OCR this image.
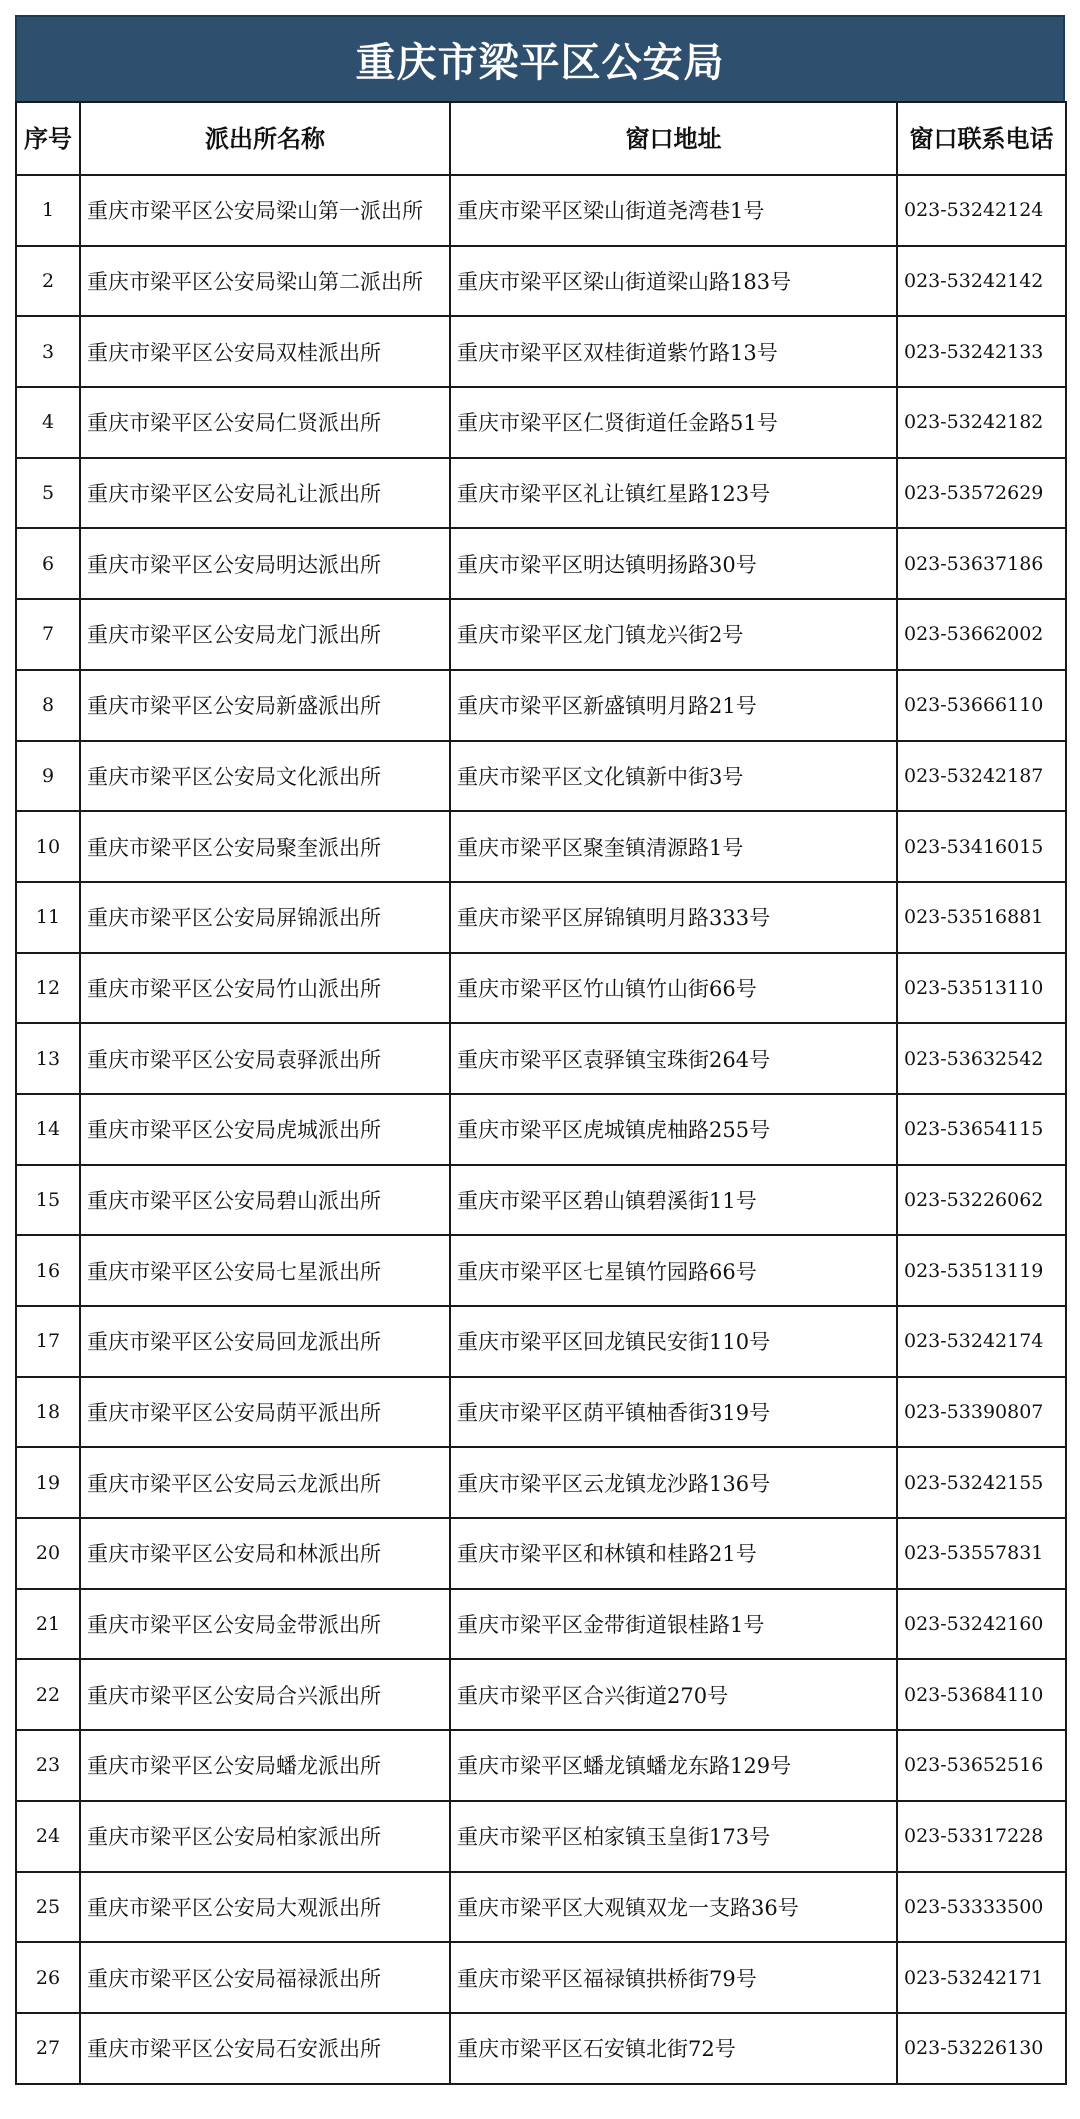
重庆市梁平区公安局
序号	派出所名称	窗口地址	窗口联系电话
1	重庆市梁平区公安局梁山第一派出所	重庆市梁平区梁山街道尧湾巷1号	023-53242124
2	重庆市梁平区公安局梁山第二派出所	重庆市梁平区梁山街道梁山路183号	023-53242142
3	重庆市梁平区公安局双桂派出所	重庆市梁平区双桂街道紫竹路13号	023-53242133
4	重庆市梁平区公安局仁贤派出所	重庆市梁平区仁贤街道任金路51号	023-53242182
5	重庆市梁平区公安局礼让派出所	重庆市梁平区礼让镇红星路123号	023-53572629
6	重庆市梁平区公安局明达派出所	重庆市梁平区明达镇明扬路30号	023-53637186
7	重庆市梁平区公安局龙门派出所	重庆市梁平区龙门镇龙兴街2号	023-53662002
8	重庆市梁平区公安局新盛派出所	重庆市梁平区新盛镇明月路21号	023-53666110
9	重庆市梁平区公安局文化派出所	重庆市梁平区文化镇新中街3号	023-53242187
10	重庆市梁平区公安局聚奎派出所	重庆市梁平区聚奎镇清源路1号	023-53416015
11	重庆市梁平区公安局屏锦派出所	重庆市梁平区屏锦镇明月路333号	023-53516881
12	重庆市梁平区公安局竹山派出所	重庆市梁平区竹山镇竹山街66号	023-53513110
13	重庆市梁平区公安局袁驿派出所	重庆市梁平区袁驿镇宝珠街264号	023-53632542
14	重庆市梁平区公安局虎城派出所	重庆市梁平区虎城镇虎柚路255号	023-53654115
15	重庆市梁平区公安局碧山派出所	重庆市梁平区碧山镇碧溪街11号	023-53226062
16	重庆市梁平区公安局七星派出所	重庆市梁平区七星镇竹园路66号	023-53513119
17	重庆市梁平区公安局回龙派出所	重庆市梁平区回龙镇民安街110号	023-53242174
18	重庆市梁平区公安局荫平派出所	重庆市梁平区荫平镇柚香街319号	023-53390807
19	重庆市梁平区公安局云龙派出所	重庆市梁平区云龙镇龙沙路136号	023-53242155
20	重庆市梁平区公安局和林派出所	重庆市梁平区和林镇和桂路21号	023-53557831
21	重庆市梁平区公安局金带派出所	重庆市梁平区金带街道银桂路1号	023-53242160
22	重庆市梁平区公安局合兴派出所	重庆市梁平区合兴街道270号	023-53684110
23	重庆市梁平区公安局蟠龙派出所	重庆市梁平区蟠龙镇蟠龙东路129号	023-53652516
24	重庆市梁平区公安局柏家派出所	重庆市梁平区柏家镇玉皇街173号	023-53317228
25	重庆市梁平区公安局大观派出所	重庆市梁平区大观镇双龙一支路36号	023-53333500
26	重庆市梁平区公安局福禄派出所	重庆市梁平区福禄镇拱桥街79号	023-53242171
27	重庆市梁平区公安局石安派出所	重庆市梁平区石安镇北街72号	023-53226130
